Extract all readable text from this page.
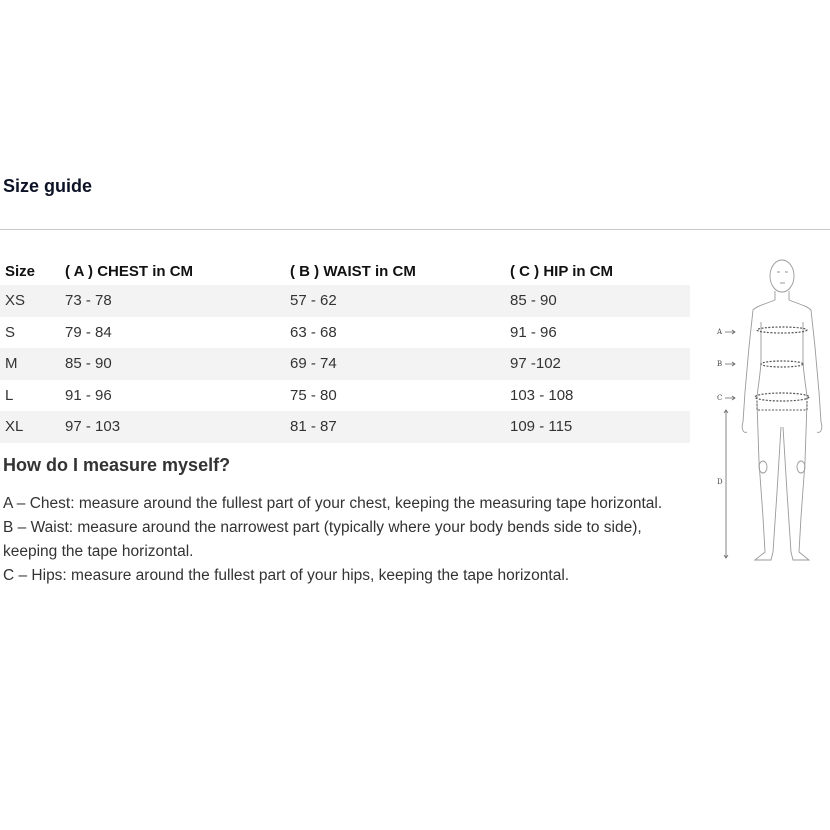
Size guide
Size	( A ) CHEST in CM	( B ) WAIST in CM	( C ) HIP in CM
XS	73 - 78	57 - 62	85 - 90
S	79 - 84	63 - 68	91 - 96
M	85 - 90	69 - 74	97 -102
L	91 - 96	75 - 80	103 - 108
XL	97 - 103	81 - 87	109 - 115
How do I measure myself?

A – Chest: measure around the fullest part of your chest, keeping the measuring tape horizontal.

B – Waist: measure around the narrowest part (typically where your body bends side to side), keeping the tape horizontal.

C – Hips: measure around the fullest part of your hips, keeping the tape horizontal.

A
B
C
D
